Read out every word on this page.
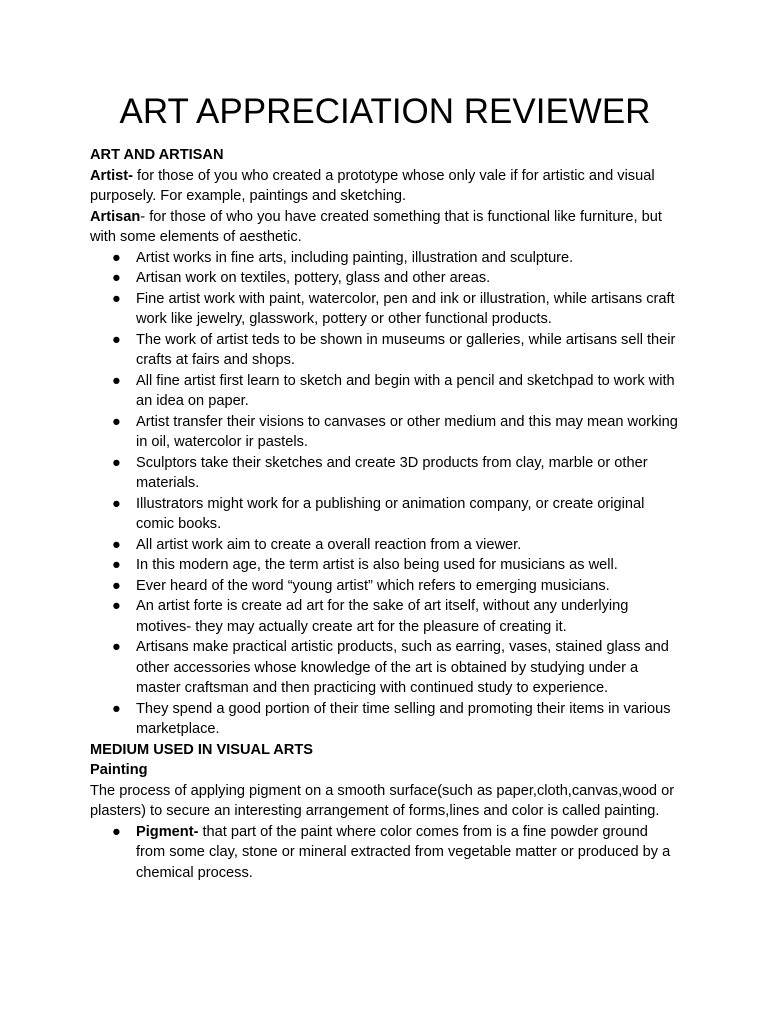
ART APPRECIATION REVIEWER

ART AND ARTISAN

Artist- for those of you who created a prototype whose only vale if for artistic and visual purposely. For example, paintings and sketching.

Artisan- for those of who you have created something that is functional like furniture, but with some elements of aesthetic.

● Artist works in fine arts, including painting, illustration and sculpture.
● Artisan work on textiles, pottery, glass and other areas.
● Fine artist work with paint, watercolor, pen and ink or illustration, while artisans craft work like jewelry, glasswork, pottery or other functional products.
● The work of artist teds to be shown in museums or galleries, while artisans sell their crafts at fairs and shops.
● All fine artist first learn to sketch and begin with a pencil and sketchpad to work with an idea on paper.
● Artist transfer their visions to canvases or other medium and this may mean working in oil, watercolor ir pastels.
● Sculptors take their sketches and create 3D products from clay, marble or other materials.
● Illustrators might work for a publishing or animation company, or create original comic books.
● All artist work aim to create a overall reaction from a viewer.
● In this modern age, the term artist is also being used for musicians as well.
● Ever heard of the word “young artist” which refers to emerging musicians.
● An artist forte is create ad art for the sake of art itself, without any underlying motives- they may actually create art for the pleasure of creating it.
● Artisans make practical artistic products, such as earring, vases, stained glass and other accessories whose knowledge of the art is obtained by studying under a master craftsman and then practicing with continued study to experience.
● They spend a good portion of their time selling and promoting their items in various marketplace.

MEDIUM USED IN VISUAL ARTS

Painting

The process of applying pigment on a smooth surface(such as paper,cloth,canvas,wood or plasters) to secure an interesting arrangement of forms,lines and color is called painting.

● Pigment- that part of the paint where color comes from is a fine powder ground from some clay, stone or mineral extracted from vegetable matter or produced by a chemical process.
